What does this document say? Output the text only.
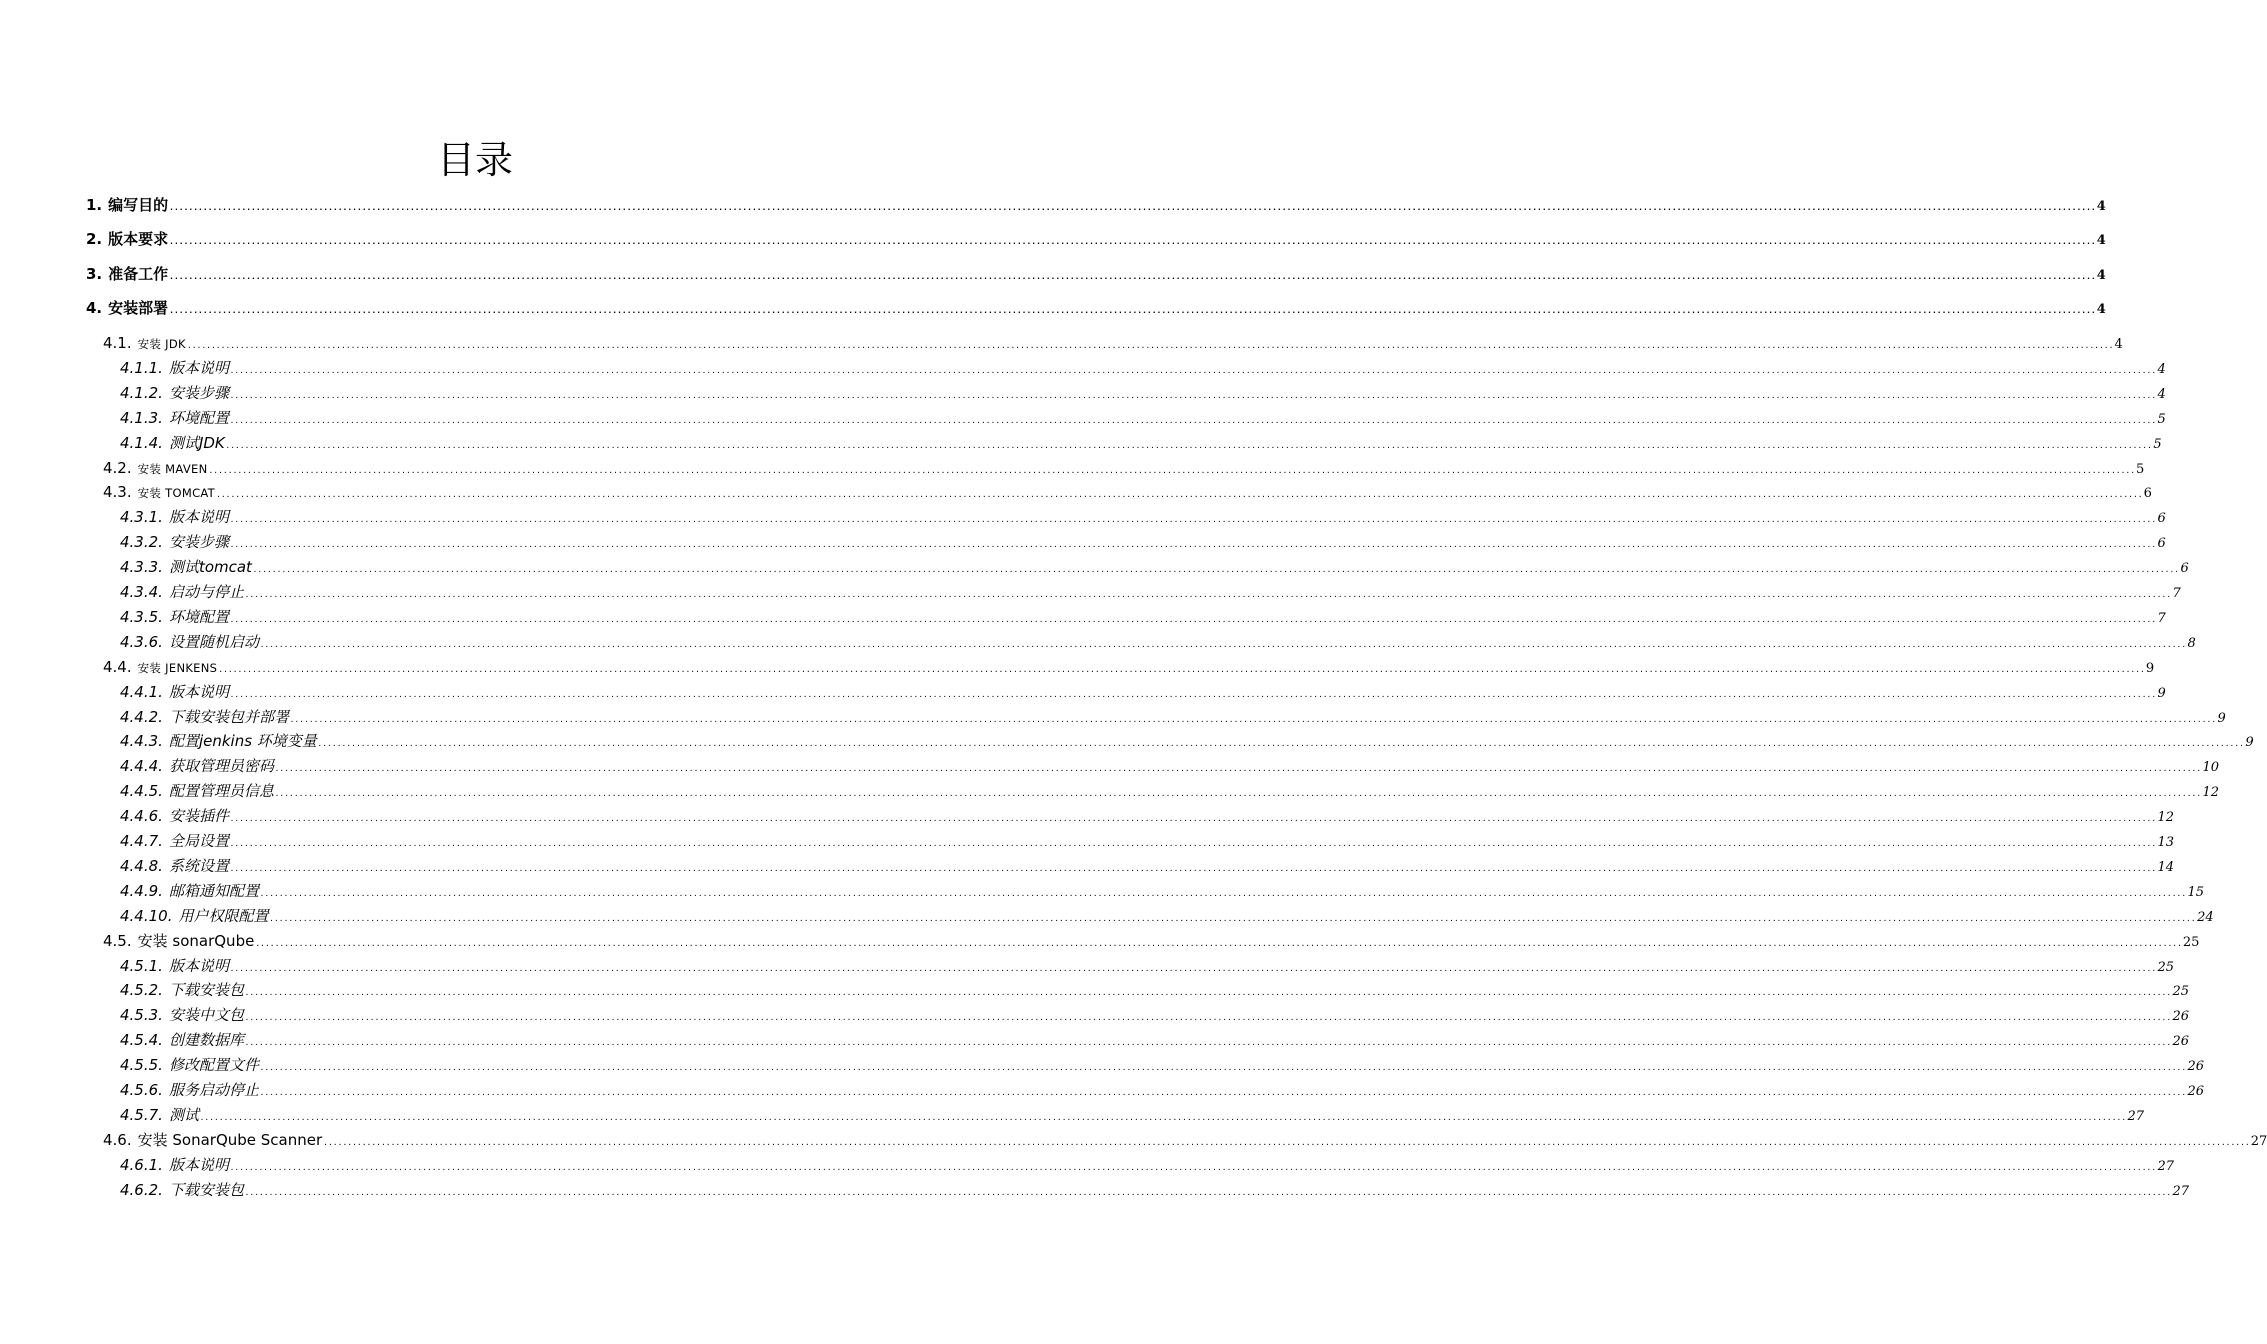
目录
1. 编写目的 ................................................................................................................................................................................................................................................................................................................................................................................................................ 4
2. 版本要求 ................................................................................................................................................................................................................................................................................................................................................................................................................ 4
3. 准备工作 ................................................................................................................................................................................................................................................................................................................................................................................................................ 4
4. 安装部署 ................................................................................................................................................................................................................................................................................................................................................................................................................ 4
4.1. 安装 JDK ................................................................................................................................................................................................................................................................................................................................................................................................................ 4
4.1.1. 版本说明 ................................................................................................................................................................................................................................................................................................................................................................................................................ 4
4.1.2. 安装步骤 ................................................................................................................................................................................................................................................................................................................................................................................................................ 4
4.1.3. 环境配置 ................................................................................................................................................................................................................................................................................................................................................................................................................ 5
4.1.4. 测试JDK ................................................................................................................................................................................................................................................................................................................................................................................................................ 5
4.2. 安装 MAVEN ................................................................................................................................................................................................................................................................................................................................................................................................................ 5
4.3. 安装 TOMCAT ................................................................................................................................................................................................................................................................................................................................................................................................................ 6
4.3.1. 版本说明 ................................................................................................................................................................................................................................................................................................................................................................................................................ 6
4.3.2. 安装步骤 ................................................................................................................................................................................................................................................................................................................................................................................................................ 6
4.3.3. 测试tomcat ................................................................................................................................................................................................................................................................................................................................................................................................................ 6
4.3.4. 启动与停止 ................................................................................................................................................................................................................................................................................................................................................................................................................ 7
4.3.5. 环境配置 ................................................................................................................................................................................................................................................................................................................................................................................................................ 7
4.3.6. 设置随机启动 ................................................................................................................................................................................................................................................................................................................................................................................................................ 8
4.4. 安装 JENKENS ................................................................................................................................................................................................................................................................................................................................................................................................................ 9
4.4.1. 版本说明 ................................................................................................................................................................................................................................................................................................................................................................................................................ 9
4.4.2. 下载安装包并部署 ................................................................................................................................................................................................................................................................................................................................................................................................................ 9
4.4.3. 配置jenkins 环境变量 ................................................................................................................................................................................................................................................................................................................................................................................................................ 9
4.4.4. 获取管理员密码 ................................................................................................................................................................................................................................................................................................................................................................................................................ 10
4.4.5. 配置管理员信息 ................................................................................................................................................................................................................................................................................................................................................................................................................ 12
4.4.6. 安装插件 ................................................................................................................................................................................................................................................................................................................................................................................................................ 12
4.4.7. 全局设置 ................................................................................................................................................................................................................................................................................................................................................................................................................ 13
4.4.8. 系统设置 ................................................................................................................................................................................................................................................................................................................................................................................................................ 14
4.4.9. 邮箱通知配置 ................................................................................................................................................................................................................................................................................................................................................................................................................ 15
4.4.10. 用户权限配置 ................................................................................................................................................................................................................................................................................................................................................................................................................ 24
4.5. 安装 sonarQube ................................................................................................................................................................................................................................................................................................................................................................................................................ 25
4.5.1. 版本说明 ................................................................................................................................................................................................................................................................................................................................................................................................................ 25
4.5.2. 下载安装包 ................................................................................................................................................................................................................................................................................................................................................................................................................ 25
4.5.3. 安装中文包 ................................................................................................................................................................................................................................................................................................................................................................................................................ 26
4.5.4. 创建数据库 ................................................................................................................................................................................................................................................................................................................................................................................................................ 26
4.5.5. 修改配置文件 ................................................................................................................................................................................................................................................................................................................................................................................................................ 26
4.5.6. 服务启动停止 ................................................................................................................................................................................................................................................................................................................................................................................................................ 26
4.5.7. 测试 ................................................................................................................................................................................................................................................................................................................................................................................................................ 27
4.6. 安装 SonarQube Scanner ................................................................................................................................................................................................................................................................................................................................................................................................................ 27
4.6.1. 版本说明 ................................................................................................................................................................................................................................................................................................................................................................................................................ 27
4.6.2. 下载安装包 ................................................................................................................................................................................................................................................................................................................................................................................................................ 27
